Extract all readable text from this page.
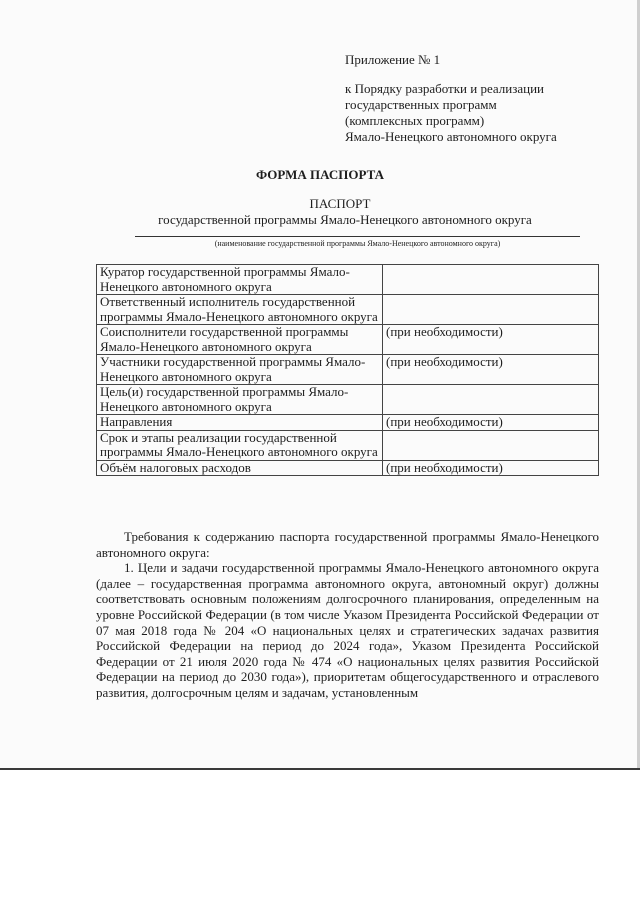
Приложение № 1
к Порядку разработки и реализации
государственных программ
(комплексных программ)
Ямало-Ненецкого автономного округа
ФОРМА ПАСПОРТА
ПАСПОРТ
государственной программы Ямало-Ненецкого автономного округа
(наименование государственной программы Ямало-Ненецкого автономного округа)
Куратор государственной программы Ямало-Ненецкого автономного округа	
Ответственный исполнитель государственной программы Ямало-Ненецкого автономного округа	
Соисполнители государственной программы Ямало-Ненецкого автономного округа	(при необходимости)
Участники государственной программы Ямало-Ненецкого автономного округа	(при необходимости)
Цель(и) государственной программы Ямало-Ненецкого автономного округа	
Направления	(при необходимости)
Срок и этапы реализации государственной программы Ямало-Ненецкого автономного округа	
Объём налоговых расходов	(при необходимости)

Требования к содержанию паспорта государственной программы Ямало-Ненецкого автономного округа:

1. Цели и задачи государственной программы Ямало-Ненецкого автономного округа (далее – государственная программа автономного округа, автономный округ) должны соответствовать основным положениям долгосрочного планирования, определенным на уровне Российской Федерации (в том числе Указом Президента Российской Федерации от 07 мая 2018 года № 204 «О национальных целях и стратегических задачах развития Российской Федерации на период до 2024 года», Указом Президента Российской Федерации от 21 июля 2020 года № 474 «О национальных целях развития Российской Федерации на период до 2030 года»), приоритетам общегосударственного и отраслевого развития, долгосрочным целям и задачам, установленным
